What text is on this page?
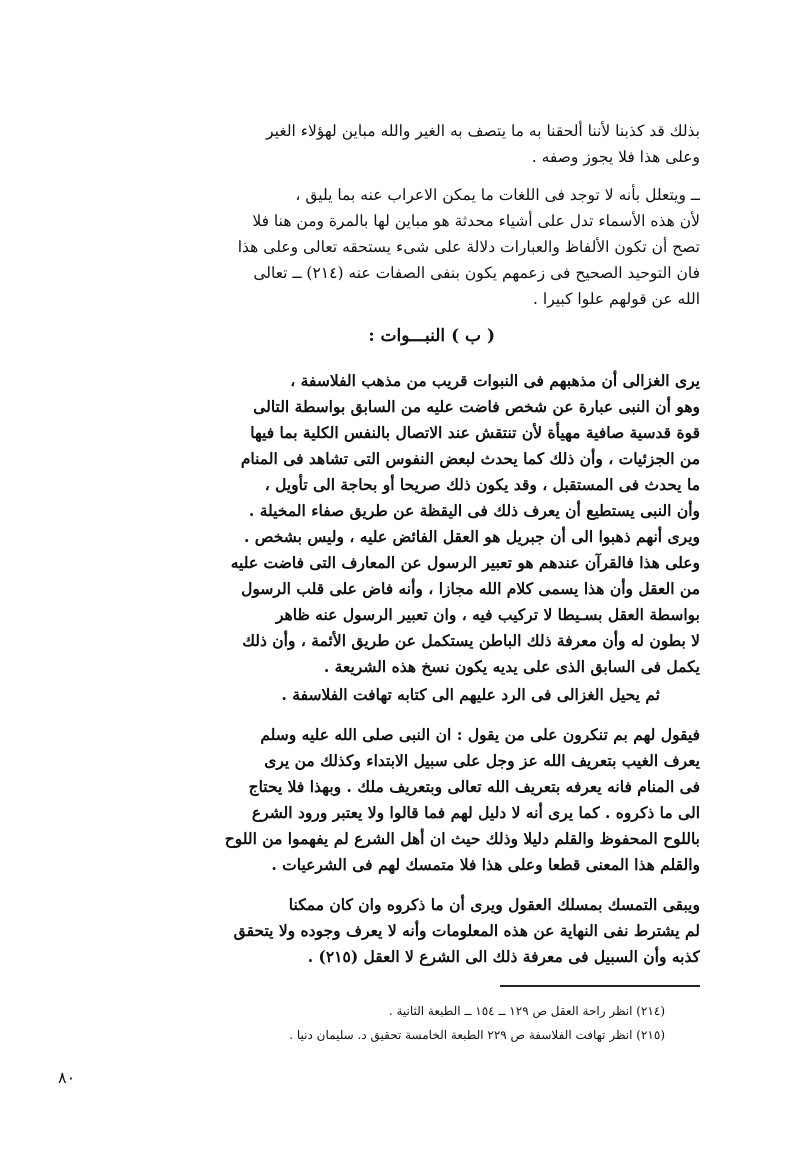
بذلك قد كذبنا لأننا ألحقنا به ما يتصف به الغير والله مباين لهؤلاء الغير
وعلى هذا فلا يجوز وصفه .
ــ ويتعلل بأنه لا توجد فى اللغات ما يمكن الاعراب عنه بما يليق ،
لأن هذه الأسماء تدل على أشياء محدثة هو مباين لها بالمرة ومن هنا فلا
تصح أن تكون الألفاظ والعبارات دلالة على شىء يستحقه تعالى وعلى هذا
فان التوحيد الصحيح فى زعمهم يكون بنفى الصفات عنه (٢١٤) ــ تعالى
الله عن قولهم علوا كبيرا .
( ب ) النبـــوات :
يرى الغزالى أن مذهبهم فى النبوات قريب من مذهب الفلاسفة ،
وهو أن النبى عبارة عن شخص فاضت عليه من السابق بواسطة التالى
قوة قدسية صافية مهيأة لأن تنتقش عند الاتصال بالنفس الكلية بما فيها
من الجزئيات ، وأن ذلك كما يحدث لبعض النفوس التى تشاهد فى المنام
ما يحدث فى المستقبل ، وقد يكون ذلك صريحا أو بحاجة الى تأويل ،
وأن النبى يستطيع أن يعرف ذلك فى اليقظة عن طريق صفاء المخيلة .
ويرى أنهم ذهبوا الى أن جبريل هو العقل الفائض عليه ، وليس بشخص .
وعلى هذا فالقرآن عندهم هو تعبير الرسول عن المعارف التى فاضت عليه
من العقل وأن هذا يسمى كلام الله مجازا ، وأنه فاض على قلب الرسول
بواسطة العقل بسـيطا لا تركيب فيه ، وان تعبير الرسول عنه ظاهر
لا بطون له وأن معرفة ذلك الباطن يستكمل عن طريق الأئمة ، وأن ذلك
يكمل فى السابق الذى على يديه يكون نسخ هذه الشريعة .
ثم يحيل الغزالى فى الرد عليهم الى كتابه تهافت الفلاسفة .
فيقول لهم بم تنكرون على من يقول : ان النبى صلى الله عليه وسلم
يعرف الغيب بتعريف الله عز وجل على سبيل الابتداء وكذلك من يرى
فى المنام فانه يعرفه بتعريف الله تعالى وبتعريف ملك . وبهذا فلا يحتاج
الى ما ذكروه . كما يرى أنه لا دليل لهم فما قالوا ولا يعتبر ورود الشرع
باللوح المحفوظ والقلم دليلا وذلك حيث ان أهل الشرع لم يفهموا من اللوح
والقلم هذا المعنى قطعا وعلى هذا فلا متمسك لهم فى الشرعيات .
ويبقى التمسك بمسلك العقول ويرى أن ما ذكروه وان كان ممكنا
لم يشترط نفى النهاية عن هذه المعلومات وأنه لا يعرف وجوده ولا يتحقق
كذبه وأن السبيل فى معرفة ذلك الى الشرع لا العقل (٢١٥) .
(٢١٤) انظر راحة العقل ص ١٢٩ ــ ١٥٤ ــ الطبعة الثانية .
(٢١٥) انظر تهافت الفلاسفة ص ٢٢٩ الطبعة الخامسة تحقيق د. سليمان دنيا .
٨٠
